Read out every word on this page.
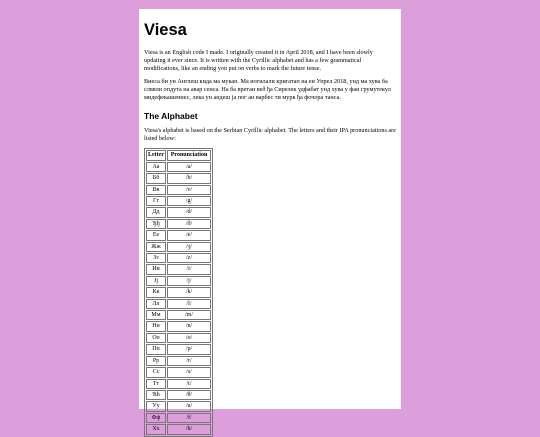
Viesa

Viesa is an English code I made. I originally created it in April 2018, and I have been slowly updating it ever since. It is written with the Cyrillic alphabet and has a few grammatical modifications, like an ending you put on verbs to mark the future tense.

Виеса би ун Англеш кида ма мукап. Ма иогилали кригатап на ен Упрел 2018, унд ма хува ба слввли опдута на авар сенса. На ба вретан веð ђа Сирелек удфабат унд хува у фан грумутекул мидефекашеннес, лека ун андеш ја пог ан варбес ти мурк ђа фочора танса.

The Alphabet

Viesa's alphabet is based on the Serbian Cyrillic alphabet. The letters and their IPA pronunciations are listed below:

Letter	Pronunciation
Аа	/a/
Бб	/b/
Вв	/v/
Гг	/g/
Дд	/d/
Ђђ	/ð/
Ее	/e/
Жж	/ʒ/
Зз	/z/
Ии	/i/
Јј	/j/
Кк	/k/
Лл	/l/
Мм	/m/
Нн	/n/
Оо	/o/
Пп	/p/
Рр	/r/
Сс	/s/
Тт	/t/
Ћћ	/θ/
Уу	/u/
Фф	/f/
Хх	/h/
